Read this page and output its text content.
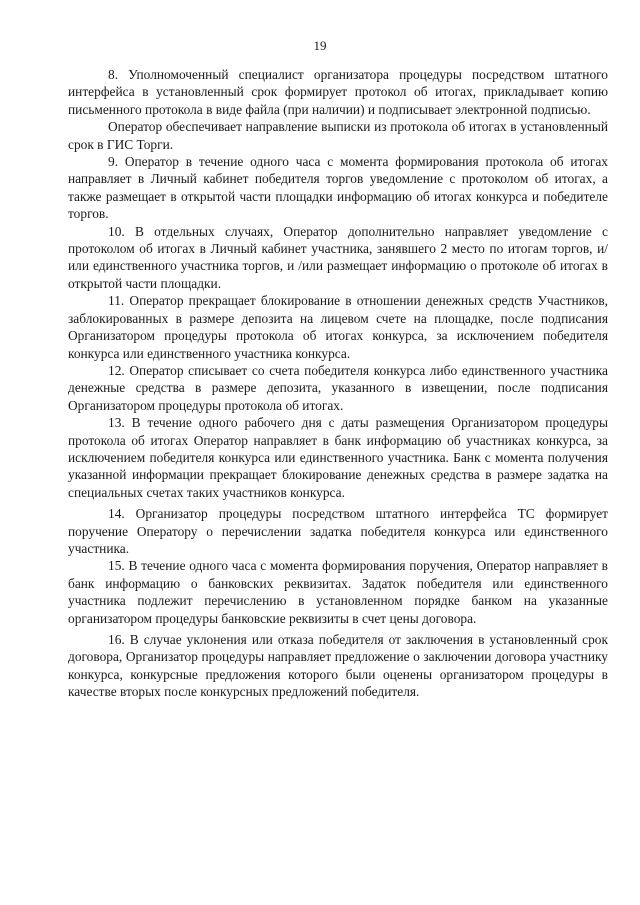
19

8. Уполномоченный специалист организатора процедуры посредством штатного интерфейса в установленный срок формирует протокол об итогах, прикладывает копию письменного протокола в виде файла (при наличии) и подписывает электронной подписью.

Оператор обеспечивает направление выписки из протокола об итогах в установленный срок в ГИС Торги.

9. Оператор в течение одного часа с момента формирования протокола об итогах направляет в Личный кабинет победителя торгов уведомление с протоколом об итогах, а также размещает в открытой части площадки информацию об итогах конкурса и победителе торгов.

10. В отдельных случаях, Оператор дополнительно направляет уведомление с протоколом об итогах в Личный кабинет участника, занявшего 2 место по итогам торгов, и/или единственного участника торгов, и /или размещает информацию о протоколе об итогах в открытой части площадки.

11. Оператор прекращает блокирование в отношении денежных средств Участников, заблокированных в размере депозита на лицевом счете на площадке, после подписания Организатором процедуры протокола об итогах конкурса, за исключением победителя конкурса или единственного участника конкурса.

12. Оператор списывает со счета победителя конкурса либо единственного участника денежные средства в размере депозита, указанного в извещении, после подписания Организатором процедуры протокола об итогах.

13. В течение одного рабочего дня с даты размещения Организатором процедуры протокола об итогах Оператор направляет в банк информацию об участниках конкурса, за исключением победителя конкурса или единственного участника. Банк с момента получения указанной информации прекращает блокирование денежных средства в размере задатка на специальных счетах таких участников конкурса.

14. Организатор процедуры посредством штатного интерфейса ТС формирует поручение Оператору о перечислении задатка победителя конкурса или единственного участника.

15. В течение одного часа с момента формирования поручения, Оператор направляет в банк информацию о банковских реквизитах. Задаток победителя или единственного участника подлежит перечислению в установленном порядке банком на указанные организатором процедуры банковские реквизиты в счет цены договора.

16. В случае уклонения или отказа победителя от заключения в установленный срок договора, Организатор процедуры направляет предложение о заключении договора участнику конкурса, конкурсные предложения которого были оценены организатором процедуры в качестве вторых после конкурсных предложений победителя.
